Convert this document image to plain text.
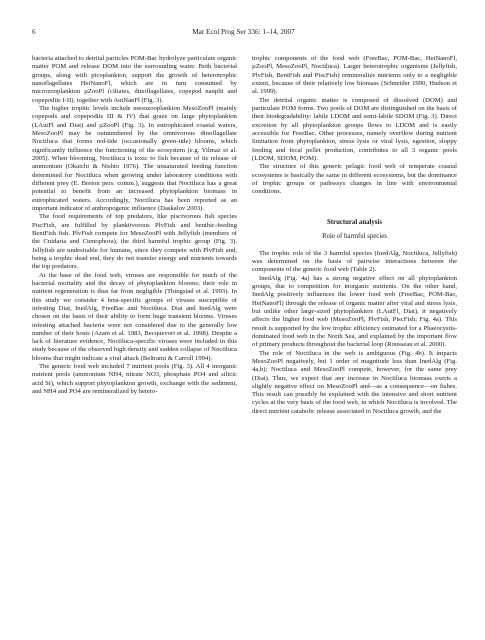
6	Mar Ecol Prog Ser 336: 1–14, 2007

bacteria attached to detrital particles POM-Bac hydrolyze particulate organic matter POM and release DOM into the surrounding water. Both bacterial groups, along with picoplankton, support the growth of heterotrophic nanoflagellates HetNanoFl, which are in turn consumed by microzooplankton µZooPl (ciliates, dinoflagellates, copepod nauplii and copepodits I-II), together with AutNanFl (Fig. 3).

The higher trophic levels include mesozooplankton MesoZooPl (mainly copepods and copepodits III & IV) that graze on large phytoplankton (LAutFl and Diat) and µZooPl (Fig. 3). In eutrophicated coastal waters, MesoZooPl may be outnumbered by the omnivorous dinoflagellate Noctiluca that forms red-tide (occasionally green-tide) blooms, which significantly influence the functioning of the ecosystem (e.g. Yilmaz et al. 2005). When blooming, Noctiluca is toxic to fish because of its release of ammonium (Okaichi & Nishio 1976). The unsaturated feeding function determined for Noctiluca when growing under laboratory conditions with different prey (E. Breton pers. comm.), suggests that Noctiluca has a great potential to benefit from an increased phytoplankton biomass in eutrophicated waters. Accordingly, Noctiluca has been reported as an important indicator of anthropogenic influence (Daskalov 2003).

The food requirements of top predators, like piscivorous fish species PiscFish, are fulfilled by planktivorous PlvFish and benthic-feeding BentFish fish. PlvFish compete for MesoZooPl with Jellyfish (members of the Cnidaria and Ctenophora), the third harmful trophic group (Fig. 3). Jellyfish are undesirable for humans, since they compete with PlvFish and, being a trophic dead end, they do not transfer energy and nutrients towards the top predators.

At the base of the food web, viruses are responsible for much of the bacterial mortality and the decay of phytoplankton blooms; their role in nutrient regeneration is thus far from negligible (Thingstad et al. 1993). In this study we consider 4 host-specific groups of viruses susceptible of infesting Diat, InedAlg, FreeBac and Noctiluca. Diat and InedAlg were chosen on the basis of their ability to form huge transient blooms. Viruses infesting attached bacteria were not considered due to the generally low number of their hosts (Azam et al. 1983, Becquevort et al. 1998). Despite a lack of literature evidence, Noctiluca-specific viruses were included in this study because of the observed high density and sudden collapse of Noctiluca blooms that might indicate a viral attack (Beltrami & Carroll 1994).

The generic food web included 7 nutrient pools (Fig. 3). All 4 inorganic nutrient pools (ammonium NH4, nitrate NO3, phosphate PO4 and silicic acid Si), which support phytoplankton growth, exchange with the sediment, and NH4 and PO4 are remineralized by hetero-

trophic components of the food web (FreeBac, POM-Bac, HetNanoFl, µZooPl, MesoZooPl, Noctiluca). Larger heterotrophic organisms (Jellyfish, PlvFish, BentFish and PiscFish) remineralize nutrients only to a negligible extent, because of their relatively low biomass (Schneider 1990, Hudson et al. 1999).

The detrital organic matter is composed of dissolved (DOM) and particulate POM forms. Two pools of DOM are distinguished on the basis of their biodegradability: labile LDOM and semi-labile SDOM (Fig. 3). Direct excretion by all phytoplankton groups flows to LDOM and is easily accessible for FreeBac. Other processes, namely overflow during nutrient limitation from phytoplankton, stress lysis or viral lysis, egestion, sloppy feeding and fecal pellet production, contributes to all 3 organic pools (LDOM, SDOM, POM).

The structure of this generic pelagic food web of temperate coastal ecosystems is basically the same in different ecosystems, but the dominance of trophic groups or pathways changes in line with environmental conditions.

Structural analysis
Role of harmful species

The trophic role of the 3 harmful species (InedAlg, Noctiluca, Jellyfish) was determined on the basis of pairwise interactions between the components of the generic food web (Table 2).

InedAlg (Fig. 4a) has a strong negative effect on all phytoplankton groups, due to competition for inorganic nutrients. On the other hand, InedAlg positively influences the lower food web (FreeBac, POM-Bac, HetNanoFl) through the release of organic matter after viral and stress lysis, but unlike other large-sized phytoplankters (LAutFl, Diat), it negatively affects the higher food web (MesoZooPl, PlvFish, PiscFish; Fig. 4a). This result is supported by the low trophic efficiency estimated for a Phaeocystis-dominated food web in the North Sea, and explained by the important flow of primary products throughout the bacterial loop (Rousseau et al. 2000).

The role of Noctiluca in the web is ambiguous (Fig. 4b). It impacts MesoZooPl negatively, but 1 order of magnitude less than InedAlg (Fig. 4a,b); Noctiluca and MesoZooPl compete, however, for the same prey (Diat). Thus, we expect that any increase in Noctiluca biomass exerts a slightly negative effect on MesoZooPl and—as a consequence—on fishes. This result can possibly be explained with the intensive and short nutrient cycles at the very basis of the food web, in which Noctiluca is involved. The direct nutrient catabolic release associated to Noctiluca growth, and the
